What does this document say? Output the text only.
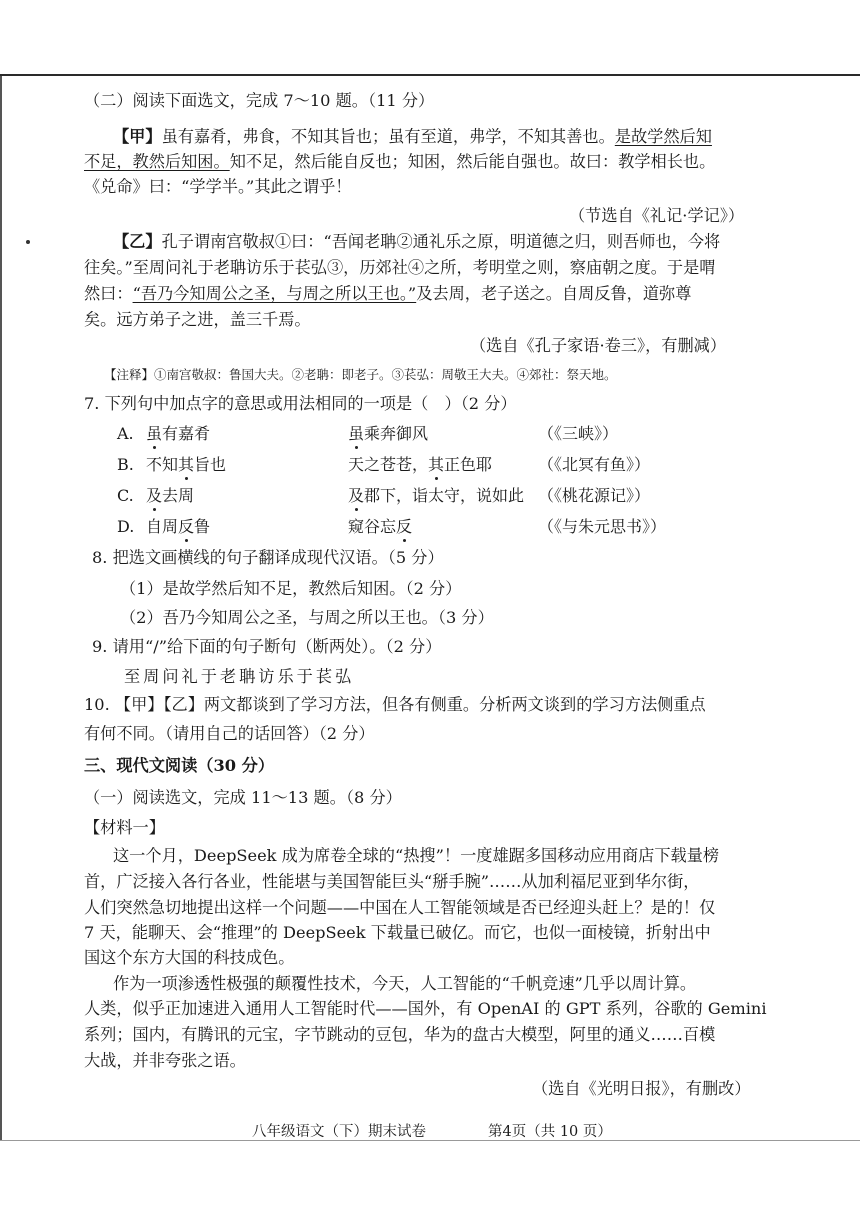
（二）阅读下面选文，完成 7～10 题。（11 分）
【甲】虽有嘉肴，弗食，不知其旨也；虽有至道，弗学，不知其善也。是故学然后知
不足，教然后知困。知不足，然后能自反也；知困，然后能自强也。故曰：教学相长也。
《兑命》曰：“学学半。”其此之谓乎！
（节选自《礼记·学记》）
【乙】孔子谓南宫敬叔①曰：“吾闻老聃②通礼乐之原，明道德之归，则吾师也，今将
往矣。”至周问礼于老聃访乐于苌弘③，历郊社④之所，考明堂之则，察庙朝之度。于是喟
然曰：“吾乃今知周公之圣，与周之所以王也。”及去周，老子送之。自周反鲁，道弥尊
矣。远方弟子之进，盖三千焉。
（选自《孔子家语·卷三》，有删减）
【注释】①南宫敬叔：鲁国大夫。②老聃：即老子。③苌弘：周敬王大夫。④郊社：祭天地。
7. 下列句中加点字的意思或用法相同的一项是（　）（2 分）
A. 虽有嘉肴	虽乘奔御风	（《三峡》）
B. 不知其旨也	天之苍苍，其正色耶	（《北冥有鱼》）
C. 及去周	及郡下，诣太守，说如此 （《桃花源记》）
D. 自周反鲁	窥谷忘反	（《与朱元思书》）
8. 把选文画横线的句子翻译成现代汉语。（5 分）
（1）是故学然后知不足，教然后知困。（2 分）
（2）吾乃今知周公之圣，与周之所以王也。（3 分）
9. 请用“/”给下面的句子断句（断两处）。（2 分）
至周问礼于老聃访乐于苌弘
10. 【甲】【乙】两文都谈到了学习方法，但各有侧重。分析两文谈到的学习方法侧重点
有何不同。（请用自己的话回答）（2 分）
三、现代文阅读（30 分）
（一）阅读选文，完成 11～13 题。（8 分）
【材料一】
这一个月，DeepSeek 成为席卷全球的“热搜”！一度雄踞多国移动应用商店下载量榜
首，广泛接入各行各业，性能堪与美国智能巨头“掰手腕”……从加利福尼亚到华尔街，
人们突然急切地提出这样一个问题——中国在人工智能领域是否已经迎头赶上？是的！仅
7 天，能聊天、会“推理”的 DeepSeek 下载量已破亿。而它，也似一面棱镜，折射出中
国这个东方大国的科技成色。
作为一项渗透性极强的颠覆性技术，今天，人工智能的“千帆竞速”几乎以周计算。
人类，似乎正加速进入通用人工智能时代——国外，有 OpenAI 的 GPT 系列，谷歌的 Gemini
系列；国内，有腾讯的元宝，字节跳动的豆包，华为的盘古大模型，阿里的通义……百模
大战，并非夸张之语。
（选自《光明日报》，有删改）
八年级语文（下）期末试卷	第4页（共 10 页）
